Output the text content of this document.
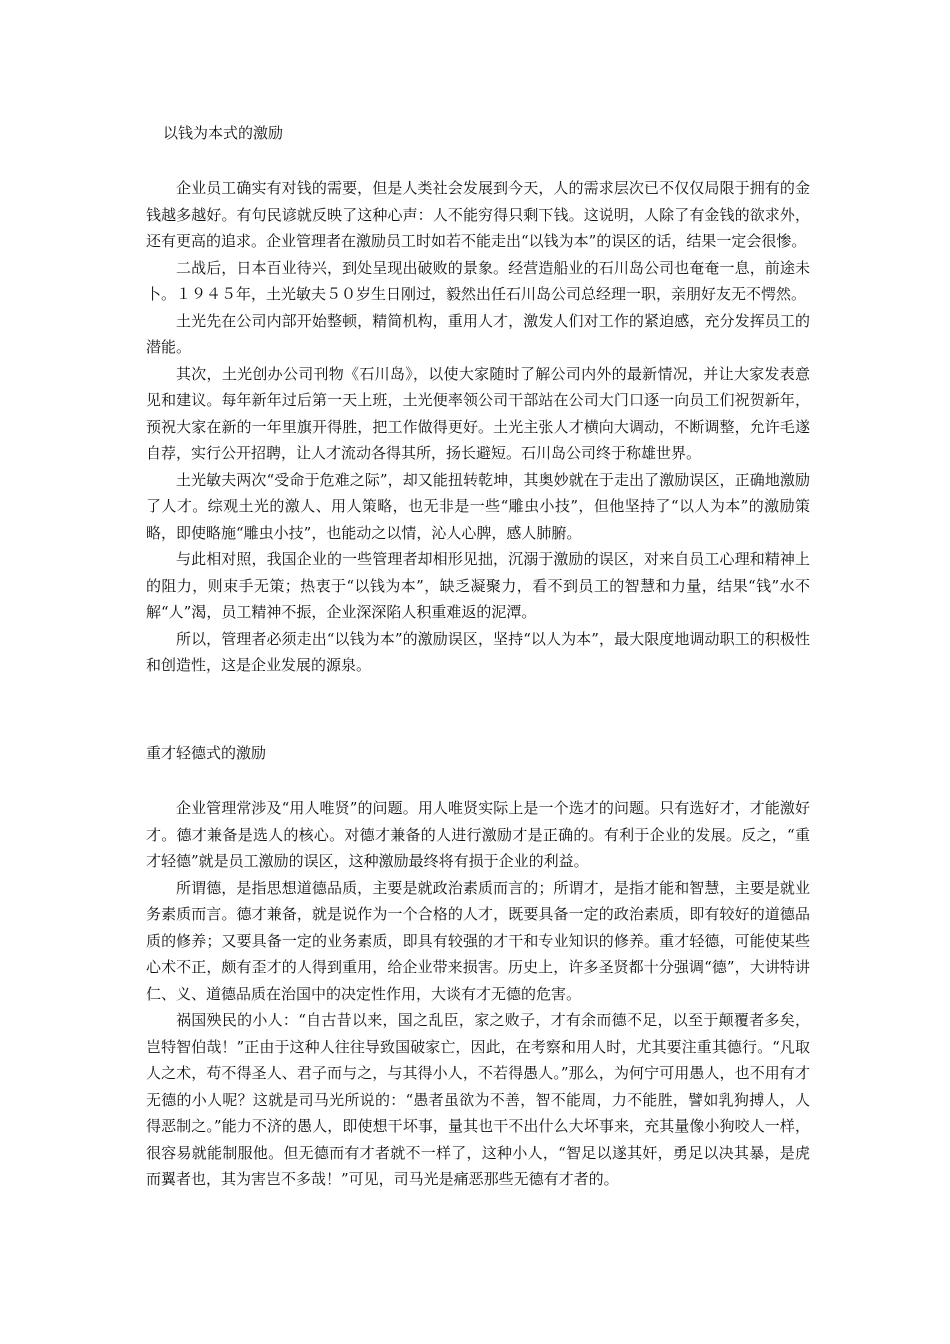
以钱为本式的激励

企业员工确实有对钱的需要，但是人类社会发展到今天，人的需求层次已不仅仅局限于拥有的金钱越多越好。有句民谚就反映了这种心声：人不能穷得只剩下钱。这说明，人除了有金钱的欲求外，还有更高的追求。企业管理者在激励员工时如若不能走出“以钱为本”的误区的话，结果一定会很惨。

二战后，日本百业待兴，到处呈现出破败的景象。经营造船业的石川岛公司也奄奄一息，前途未卜。１９４５年，土光敏夫５０岁生日刚过，毅然出任石川岛公司总经理一职，亲朋好友无不愕然。

土光先在公司内部开始整顿，精简机构，重用人才，激发人们对工作的紧迫感，充分发挥员工的潜能。

其次，土光创办公司刊物《石川岛》，以使大家随时了解公司内外的最新情况，并让大家发表意见和建议。每年新年过后第一天上班，土光便率领公司干部站在公司大门口逐一向员工们祝贺新年，预祝大家在新的一年里旗开得胜，把工作做得更好。土光主张人才横向大调动，不断调整，允许毛遂自荐，实行公开招聘，让人才流动各得其所，扬长避短。石川岛公司终于称雄世界。

土光敏夫两次“受命于危难之际”，却又能扭转乾坤，其奥妙就在于走出了激励误区，正确地激励了人才。综观土光的激人、用人策略，也无非是一些“雕虫小技”，但他坚持了“以人为本”的激励策略，即使略施“雕虫小技”，也能动之以情，沁人心脾，感人肺腑。

与此相对照，我国企业的一些管理者却相形见拙，沉溺于激励的误区，对来自员工心理和精神上的阻力，则束手无策；热衷于“以钱为本”，缺乏凝聚力，看不到员工的智慧和力量，结果“钱”水不解“人”渴，员工精神不振，企业深深陷人积重难返的泥潭。

所以，管理者必须走出“以钱为本”的激励误区，坚持“以人为本”，最大限度地调动职工的积极性和创造性，这是企业发展的源泉。

重才轻德式的激励

企业管理常涉及“用人唯贤”的问题。用人唯贤实际上是一个选才的问题。只有选好才，才能激好才。德才兼备是选人的核心。对德才兼备的人进行激励才是正确的。有利于企业的发展。反之，“重才轻德”就是员工激励的误区，这种激励最终将有损于企业的利益。

所谓德，是指思想道德品质，主要是就政治素质而言的；所谓才，是指才能和智慧，主要是就业务素质而言。德才兼备，就是说作为一个合格的人才，既要具备一定的政治素质，即有较好的道德品质的修养；又要具备一定的业务素质，即具有较强的才干和专业知识的修养。重才轻德，可能使某些心术不正，颇有歪才的人得到重用，给企业带来损害。历史上，许多圣贤都十分强调“德”，大讲特讲仁、义、道德品质在治国中的决定性作用，大谈有才无德的危害。

祸国殃民的小人：“自古昔以来，国之乱臣，家之败子，才有余而德不足，以至于颠覆者多矣，岂特智伯哉！”正由于这种人往往导致国破家亡，因此，在考察和用人时，尤其要注重其德行。“凡取人之术，苟不得圣人、君子而与之，与其得小人，不若得愚人。”那么，为何宁可用愚人，也不用有才无德的小人呢？这就是司马光所说的：“愚者虽欲为不善，智不能周，力不能胜，譬如乳狗搏人，人得恶制之。”能力不济的愚人，即使想干坏事，量其也干不出什么大坏事来，充其量像小狗咬人一样，很容易就能制服他。但无德而有才者就不一样了，这种小人，“智足以遂其奸，勇足以决其暴，是虎而翼者也，其为害岂不多哉！”可见，司马光是痛恶那些无德有才者的。
